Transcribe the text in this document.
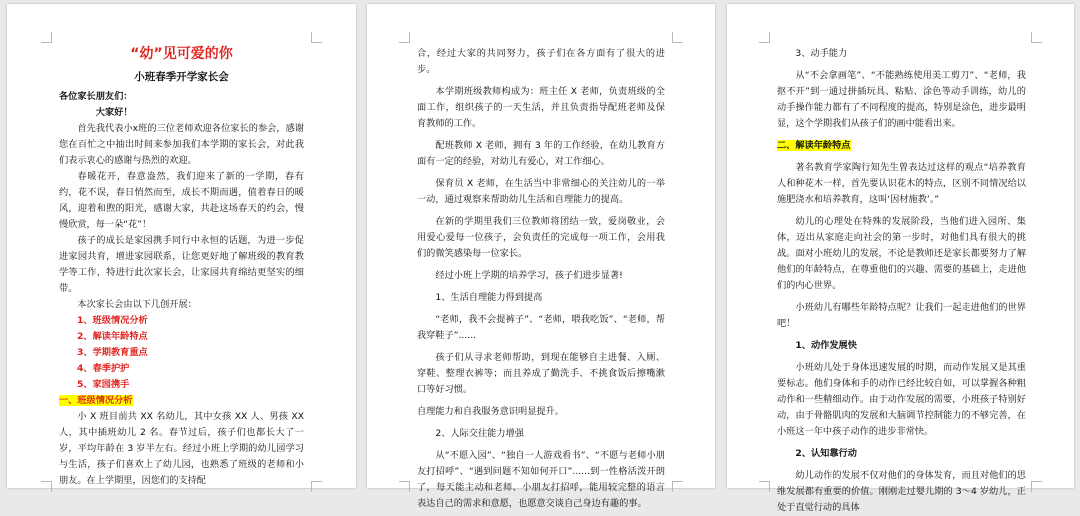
“幼”见可爱的你

小班春季开学家长会

各位家长朋友们：

大家好！

首先我代表小x班的三位老师欢迎各位家长的参会，感谢您在百忙之中抽出时间来参加我们本学期的家长会，对此我们表示衷心的感谢与热烈的欢迎。

春暖花开，春意盎然，我们迎来了新的一学期，春有约，花不误，春日悄然而至，成长不期而遇，值着春日的暖风，迎着和煦的阳光，感谢大家，共赴这场春天的约会，慢慢欣赏，每一朵“花”！

孩子的成长是家园携手同行中永恒的话题，为进一步促进家园共育，增进家园联系，让您更好地了解班级的教育教学等工作，特进行此次家长会，让家园共育绵结更坚实的细带。

本次家长会由以下几创开展：

1、班级情况分析

2、解读年龄特点

3、学期教育重点

4、春季护护

5、家园携手

一、班级情况分析

小 X 班目前共 XX 名幼儿，其中女孩 XX 人、男孩 XX 人，其中插班幼儿 2 名。春节过后，孩子们也都长大了一岁，平均年龄在 3 岁半左右。经过小班上学期的幼儿园学习与生活，孩子们喜欢上了幼儿园，也熟悉了班级的老师和小朋友。在上学期里，因您们的支持配

合，经过大家的共同努力，孩子们在各方面有了很大的进步。

本学期班级教师构成为：班主任 X 老师，负责班级的全面工作，组织孩子的一天生活，并且负责指导配班老师及保育教师的工作。

配班教师 X 老师，拥有 3 年的工作经验，在幼儿教育方面有一定的经验，对幼儿有爱心，对工作细心。

保育员 X 老师，在生活当中非常细心的关注幼儿的一举一动，通过观察来帮助幼儿生活和自理能力的提高。

在新的学期里我们三位教师将团结一致，爱岗敬业，会用爱心爱每一位孩子，会负责任的完成每一项工作，会用我们的微笑感染每一位家长。

经过小班上学期的培养学习，孩子们进步显著!

1、生活自理能力得到提高

“老师，我不会提裤子”、“老师，喂我吃饭”、“老师，帮我穿鞋子”......

孩子们从寻求老师帮助，到现在能够自主进餐、入厕、穿鞋、整理衣裤等；而且养成了勤洗手、不挑食饭后擦嘴漱口等好习惯。

自理能力和自我服务意识明显提升。

2、人际交往能力增强

从“不愿入园”、“独自一人游戏看书”、“不愿与老师小朋友打招呼”、“遇到问题不知如何开口”......到一性格活泼开朗了，每天能主动和老师、小朋友打招呼，能用较完整的语言表达自己的需求和意愿，也愿意交谈自己身边有趣的事。

3、动手能力

从“不会拿画笔”、“不能熟练使用美工剪刀”、“老师，我抠不开”到一通过拼插玩具、粘贴、涂色等动手训练，幼儿的动手操作能力都有了不同程度的提高，特别是涂色，进步最明显，这个学期我们从孩子们的画中能看出来。

二、解读年龄特点

著名教育学家陶行知先生曾表达过这样的观点“培养教育人和种花木一样，首先要认识花木的特点，区别不同情况给以施肥浇水和培养教育，这叫‘因材施教’。”

幼儿的心理处在特殊的发展阶段，当他们进入园所、集体，迈出从家庭走向社会的第一步时，对他们具有很大的挑战。面对小班幼儿的发展，不论是教师还是家长都要努力了解他们的年龄特点，在尊重他们的兴趣、需要的基础上，走进他们的内心世界。

小班幼儿有哪些年龄特点呢？让我们一起走进他们的世界吧！

1、动作发展快

小班幼儿处于身体迅速发展的时期，而动作发展又是其重要标志。他们身体和手的动作已经比较自如，可以掌握各种粗动作和一些精细动作。由于动作发展的需要，小班孩子特别好动，由于骨骼肌肉的发展和大脑调节控制能力的不够完善，在小班这一年中孩子动作的进步非常快。

2、认知靠行动

幼儿动作的发展不仅对他们的身体发育，而且对他们的思维发展都有重要的价值。刚刚走过婴儿期的 3～4 岁幼儿，正处于直觉行动的具体
